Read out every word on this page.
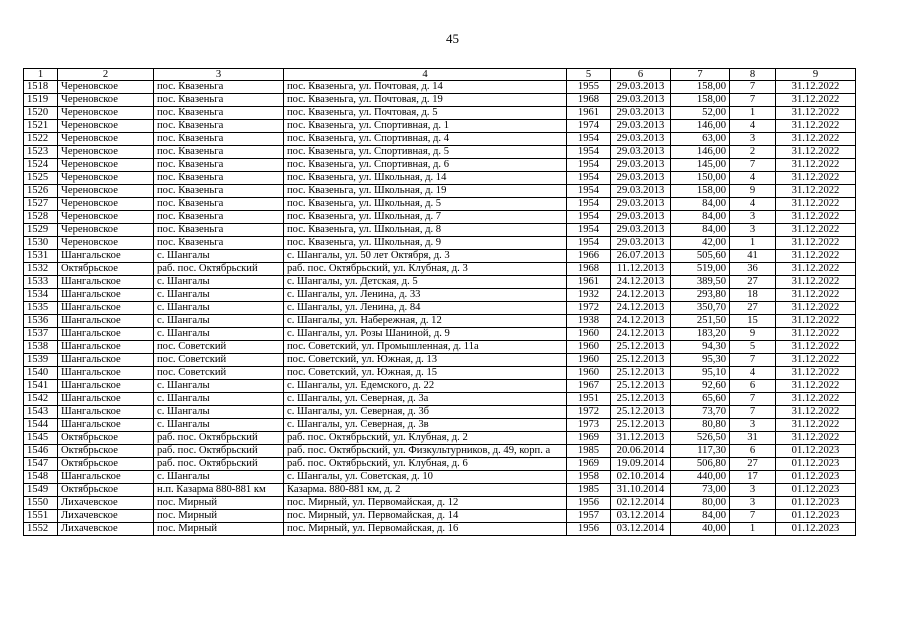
45
1	2	3	4	5	6	7	8	9
1518	Череновское	пос. Квазеньга	пос. Квазеньга, ул. Почтовая, д. 14	1955	29.03.2013	158,00	7	31.12.2022
1519	Череновское	пос. Квазеньга	пос. Квазеньга, ул. Почтовая, д. 19	1968	29.03.2013	158,00	7	31.12.2022
1520	Череновское	пос. Квазеньга	пос. Квазеньга, ул. Почтовая, д. 5	1961	29.03.2013	52,00	1	31.12.2022
1521	Череновское	пос. Квазеньга	пос. Квазеньга, ул. Спортивная, д. 1	1974	29.03.2013	146,00	4	31.12.2022
1522	Череновское	пос. Квазеньга	пос. Квазеньга, ул. Спортивная, д. 4	1954	29.03.2013	63,00	3	31.12.2022
1523	Череновское	пос. Квазеньга	пос. Квазеньга, ул. Спортивная, д. 5	1954	29.03.2013	146,00	2	31.12.2022
1524	Череновское	пос. Квазеньга	пос. Квазеньга, ул. Спортивная, д. 6	1954	29.03.2013	145,00	7	31.12.2022
1525	Череновское	пос. Квазеньга	пос. Квазеньга, ул. Школьная, д. 14	1954	29.03.2013	150,00	4	31.12.2022
1526	Череновское	пос. Квазеньга	пос. Квазеньга, ул. Школьная, д. 19	1954	29.03.2013	158,00	9	31.12.2022
1527	Череновское	пос. Квазеньга	пос. Квазеньга, ул. Школьная, д. 5	1954	29.03.2013	84,00	4	31.12.2022
1528	Череновское	пос. Квазеньга	пос. Квазеньга, ул. Школьная, д. 7	1954	29.03.2013	84,00	3	31.12.2022
1529	Череновское	пос. Квазеньга	пос. Квазеньга, ул. Школьная, д. 8	1954	29.03.2013	84,00	3	31.12.2022
1530	Череновское	пос. Квазеньга	пос. Квазеньга, ул. Школьная, д. 9	1954	29.03.2013	42,00	1	31.12.2022
1531	Шангальское	с. Шангалы	с. Шангалы, ул. 50 лет Октября, д. 3	1966	26.07.2013	505,60	41	31.12.2022
1532	Октябрьское	раб. пос. Октябрьский	раб. пос. Октябрьский, ул. Клубная, д. 3	1968	11.12.2013	519,00	36	31.12.2022
1533	Шангальское	с. Шангалы	с. Шангалы, ул. Детская, д. 5	1961	24.12.2013	389,50	27	31.12.2022
1534	Шангальское	с. Шангалы	с. Шангалы, ул. Ленина, д. 33	1932	24.12.2013	293,80	18	31.12.2022
1535	Шангальское	с. Шангалы	с. Шангалы, ул. Ленина, д. 84	1972	24.12.2013	350,70	27	31.12.2022
1536	Шангальское	с. Шангалы	с. Шангалы, ул. Набережная, д. 12	1938	24.12.2013	251,50	15	31.12.2022
1537	Шангальское	с. Шангалы	с. Шангалы, ул. Розы Шаниной, д. 9	1960	24.12.2013	183,20	9	31.12.2022
1538	Шангальское	пос. Советский	пос. Советский, ул. Промышленная, д. 11а	1960	25.12.2013	94,30	5	31.12.2022
1539	Шангальское	пос. Советский	пос. Советский, ул. Южная, д. 13	1960	25.12.2013	95,30	7	31.12.2022
1540	Шангальское	пос. Советский	пос. Советский, ул. Южная, д. 15	1960	25.12.2013	95,10	4	31.12.2022
1541	Шангальское	с. Шангалы	с. Шангалы, ул. Едемского, д. 22	1967	25.12.2013	92,60	6	31.12.2022
1542	Шангальское	с. Шангалы	с. Шангалы, ул. Северная, д. 3а	1951	25.12.2013	65,60	7	31.12.2022
1543	Шангальское	с. Шангалы	с. Шангалы, ул. Северная, д. 3б	1972	25.12.2013	73,70	7	31.12.2022
1544	Шангальское	с. Шангалы	с. Шангалы, ул. Северная, д. 3в	1973	25.12.2013	80,80	3	31.12.2022
1545	Октябрьское	раб. пос. Октябрьский	раб. пос. Октябрьский, ул. Клубная, д. 2	1969	31.12.2013	526,50	31	31.12.2022
1546	Октябрьское	раб. пос. Октябрьский	раб. пос. Октябрьский, ул. Физкультурников, д. 49, корп. а	1985	20.06.2014	117,30	6	01.12.2023
1547	Октябрьское	раб. пос. Октябрьский	раб. пос. Октябрьский, ул. Клубная, д. 6	1969	19.09.2014	506,80	27	01.12.2023
1548	Шангальское	с. Шангалы	с. Шангалы, ул. Советская, д. 10	1958	02.10.2014	440,00	17	01.12.2023
1549	Октябрьское	н.п. Казарма 880-881 км	Казарма. 880-881 км, д. 2	1985	31.10.2014	73,00	3	01.12.2023
1550	Лихачевское	пос. Мирный	пос. Мирный, ул. Первомайская, д. 12	1956	02.12.2014	80,00	3	01.12.2023
1551	Лихачевское	пос. Мирный	пос. Мирный, ул. Первомайская, д. 14	1957	03.12.2014	84,00	7	01.12.2023
1552	Лихачевское	пос. Мирный	пос. Мирный, ул. Первомайская, д. 16	1956	03.12.2014	40,00	1	01.12.2023
